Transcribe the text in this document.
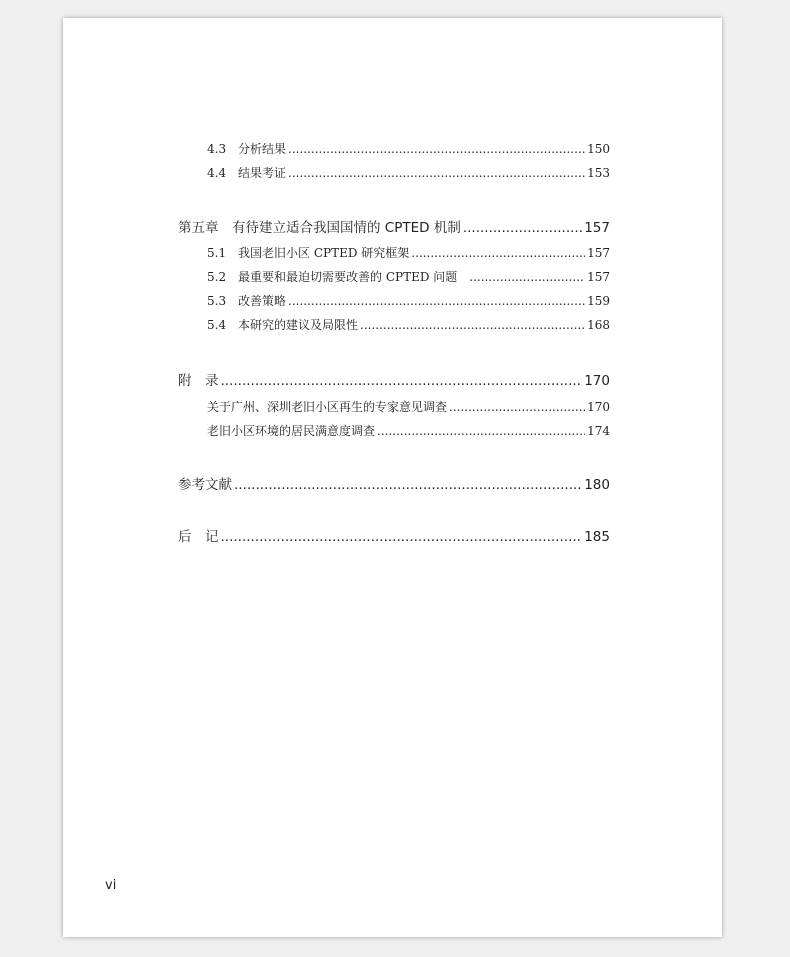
4.3 分析结果 .....	150
4.4 结果考证 .....	153
第五章　有待建立适合我国国情的 CPTED 机制 .....	157
5.1 我国老旧小区 CPTED 研究框架 .....	157
5.2 最重要和最迫切需要改善的 CPTED 问题 .....	157
5.3 改善策略 .....	159
5.4 本研究的建议及局限性 .....	168
附　录 .....	170
关于广州、深圳老旧小区再生的专家意见调查 .....	170
老旧小区环境的居民满意度调查 .....	174
参考文献 .....	180
后　记 .....	185
vi
